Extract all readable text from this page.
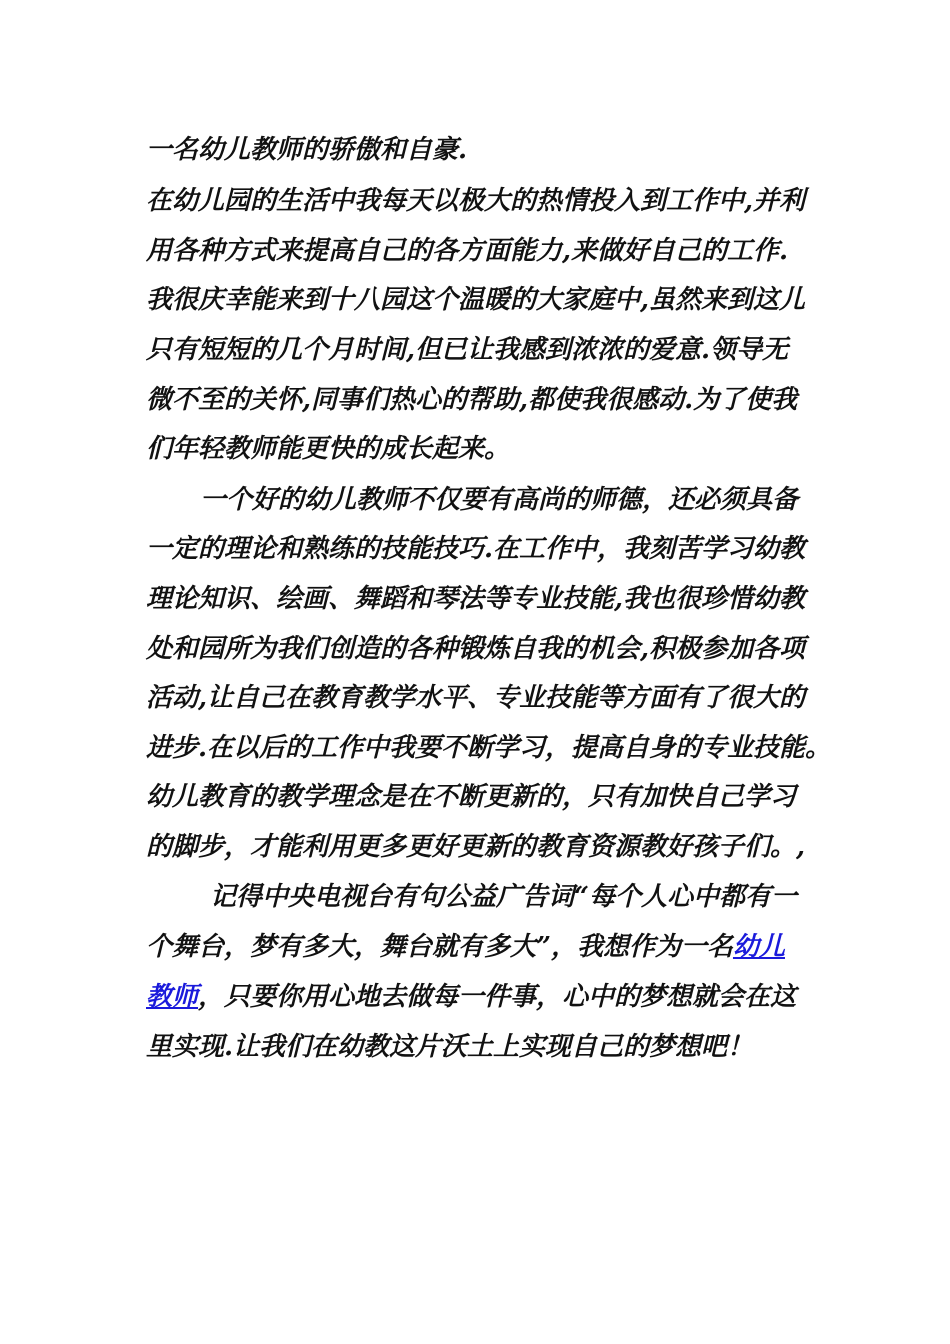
一名幼儿教师的骄傲和自豪.
在幼儿园的生活中我每天以极大的热情投入到工作中,并利
用各种方式来提高自己的各方面能力,来做好自己的工作.
我很庆幸能来到十八园这个温暖的大家庭中,虽然来到这儿
只有短短的几个月时间,但已让我感到浓浓的爱意.领导无
微不至的关怀,同事们热心的帮助,都使我很感动.为了使我
们年轻教师能更快的成长起来。
一个好的幼儿教师不仅要有高尚的师德，还必须具备
一定的理论和熟练的技能技巧.在工作中，我刻苦学习幼教
理论知识、绘画、舞蹈和琴法等专业技能,我也很珍惜幼教
处和园所为我们创造的各种锻炼自我的机会,积极参加各项
活动,让自己在教育教学水平、专业技能等方面有了很大的
进步.在以后的工作中我要不断学习，提高自身的专业技能。
幼儿教育的教学理念是在不断更新的，只有加快自己学习
的脚步，才能利用更多更好更新的教育资源教好孩子们。,
记得中央电视台有句公益广告词“每个人心中都有一
个舞台，梦有多大，舞台就有多大”，我想作为一名幼儿
教师，只要你用心地去做每一件事，心中的梦想就会在这
里实现.让我们在幼教这片沃土上实现自己的梦想吧！
